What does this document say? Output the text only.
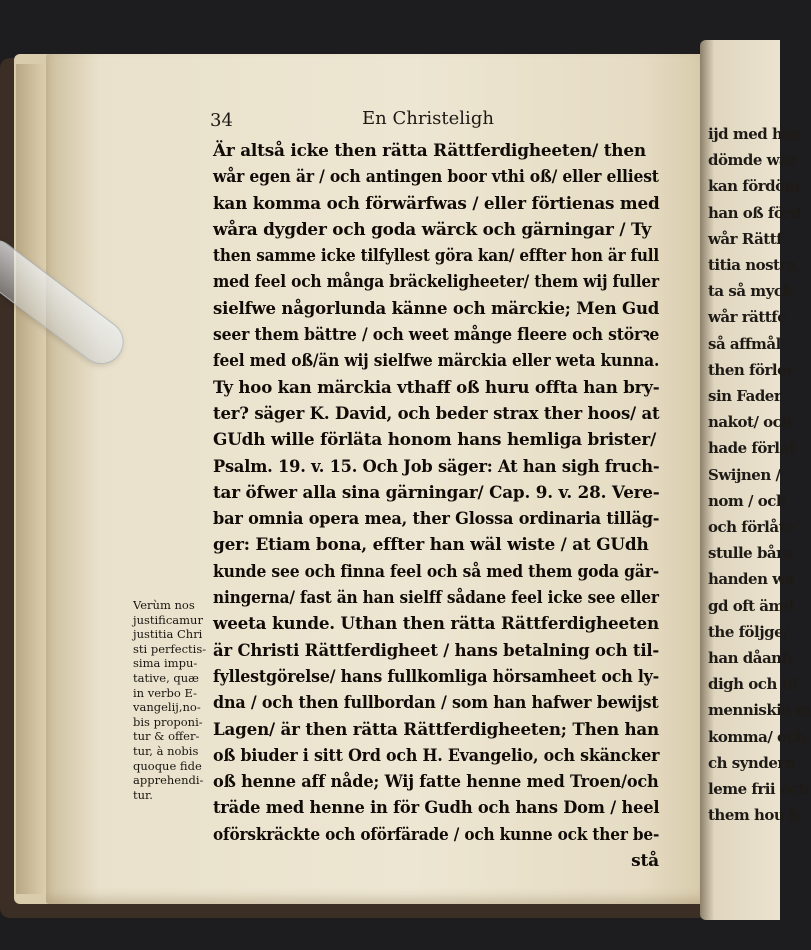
ijd med hen
dömde war
kan fördöm
han oß förd
wår Rättf
titia nostra
ta så myck
wår rättfe
så affmål
then förlor
sin Fader
nakot/ och
hade förlat
Swijnen /
nom / och
och förlåte
stulle båra
handen wa
gd oft ämd
the följge/
han dåanh
digh och hi
menniskia m
komma/ och
ch syndern
leme frii och
them hou h
34	En Christeligh
Är altså icke then rätta Rättferdigheeten/ then
wår egen är / och antingen boor vthi oß/ eller elliest
kan komma och förwärfwas / eller förtienas med
wåra dygder och goda wärck och gärningar / Ty
then samme icke tilfyllest göra kan/ effter hon är full
med feel och många bräckeligheeter/ them wij fuller
sielfwe någorlunda känne och märckie; Men Gud
seer them bättre / och weet månge fleere och störꝛe
feel med oß/än wij sielfwe märckia eller weta kunna.
Ty hoo kan märckia vthaff oß huru offta han bry-
ter? säger K. David, och beder strax ther hoos/ at
GUdh wille förläta honom hans hemliga brister/
Psalm. 19. v. 15. Och Job säger: At han sigh fruch-
tar öfwer alla sina gärningar/ Cap. 9. v. 28. Vere-
bar omnia opera mea, ther Glossa ordinaria tilläg-
ger: Etiam bona, effter han wäl wiste / at GUdh
kunde see och finna feel och så med them goda gär-
ningerna/ fast än han sielff sådane feel icke see eller
weeta kunde. Uthan then rätta Rättferdigheeten
är Christi Rättferdigheet / hans betalning och til-
fyllestgörelse/ hans fullkomliga hörsamheet och ly-
dna / och then fullbordan / som han hafwer bewijst
Lagen/ är then rätta Rättferdigheeten; Then han
oß biuder i sitt Ord och H. Evangelio, och skäncker
oß henne aff nåde; Wij fatte henne med Troen/och
träde med henne in för Gudh och hans Dom / heel
oförskräckte och oförfärade / och kunne ock ther be-
stå
Verùm nos
justificamur
justitia Chri
sti perfectis-
sima impu-
tative, quæ
in verbo E-
vangelij,no-
bis proponi-
tur & offer-
tur, à nobis
quoque fide
apprehendi-
tur.
